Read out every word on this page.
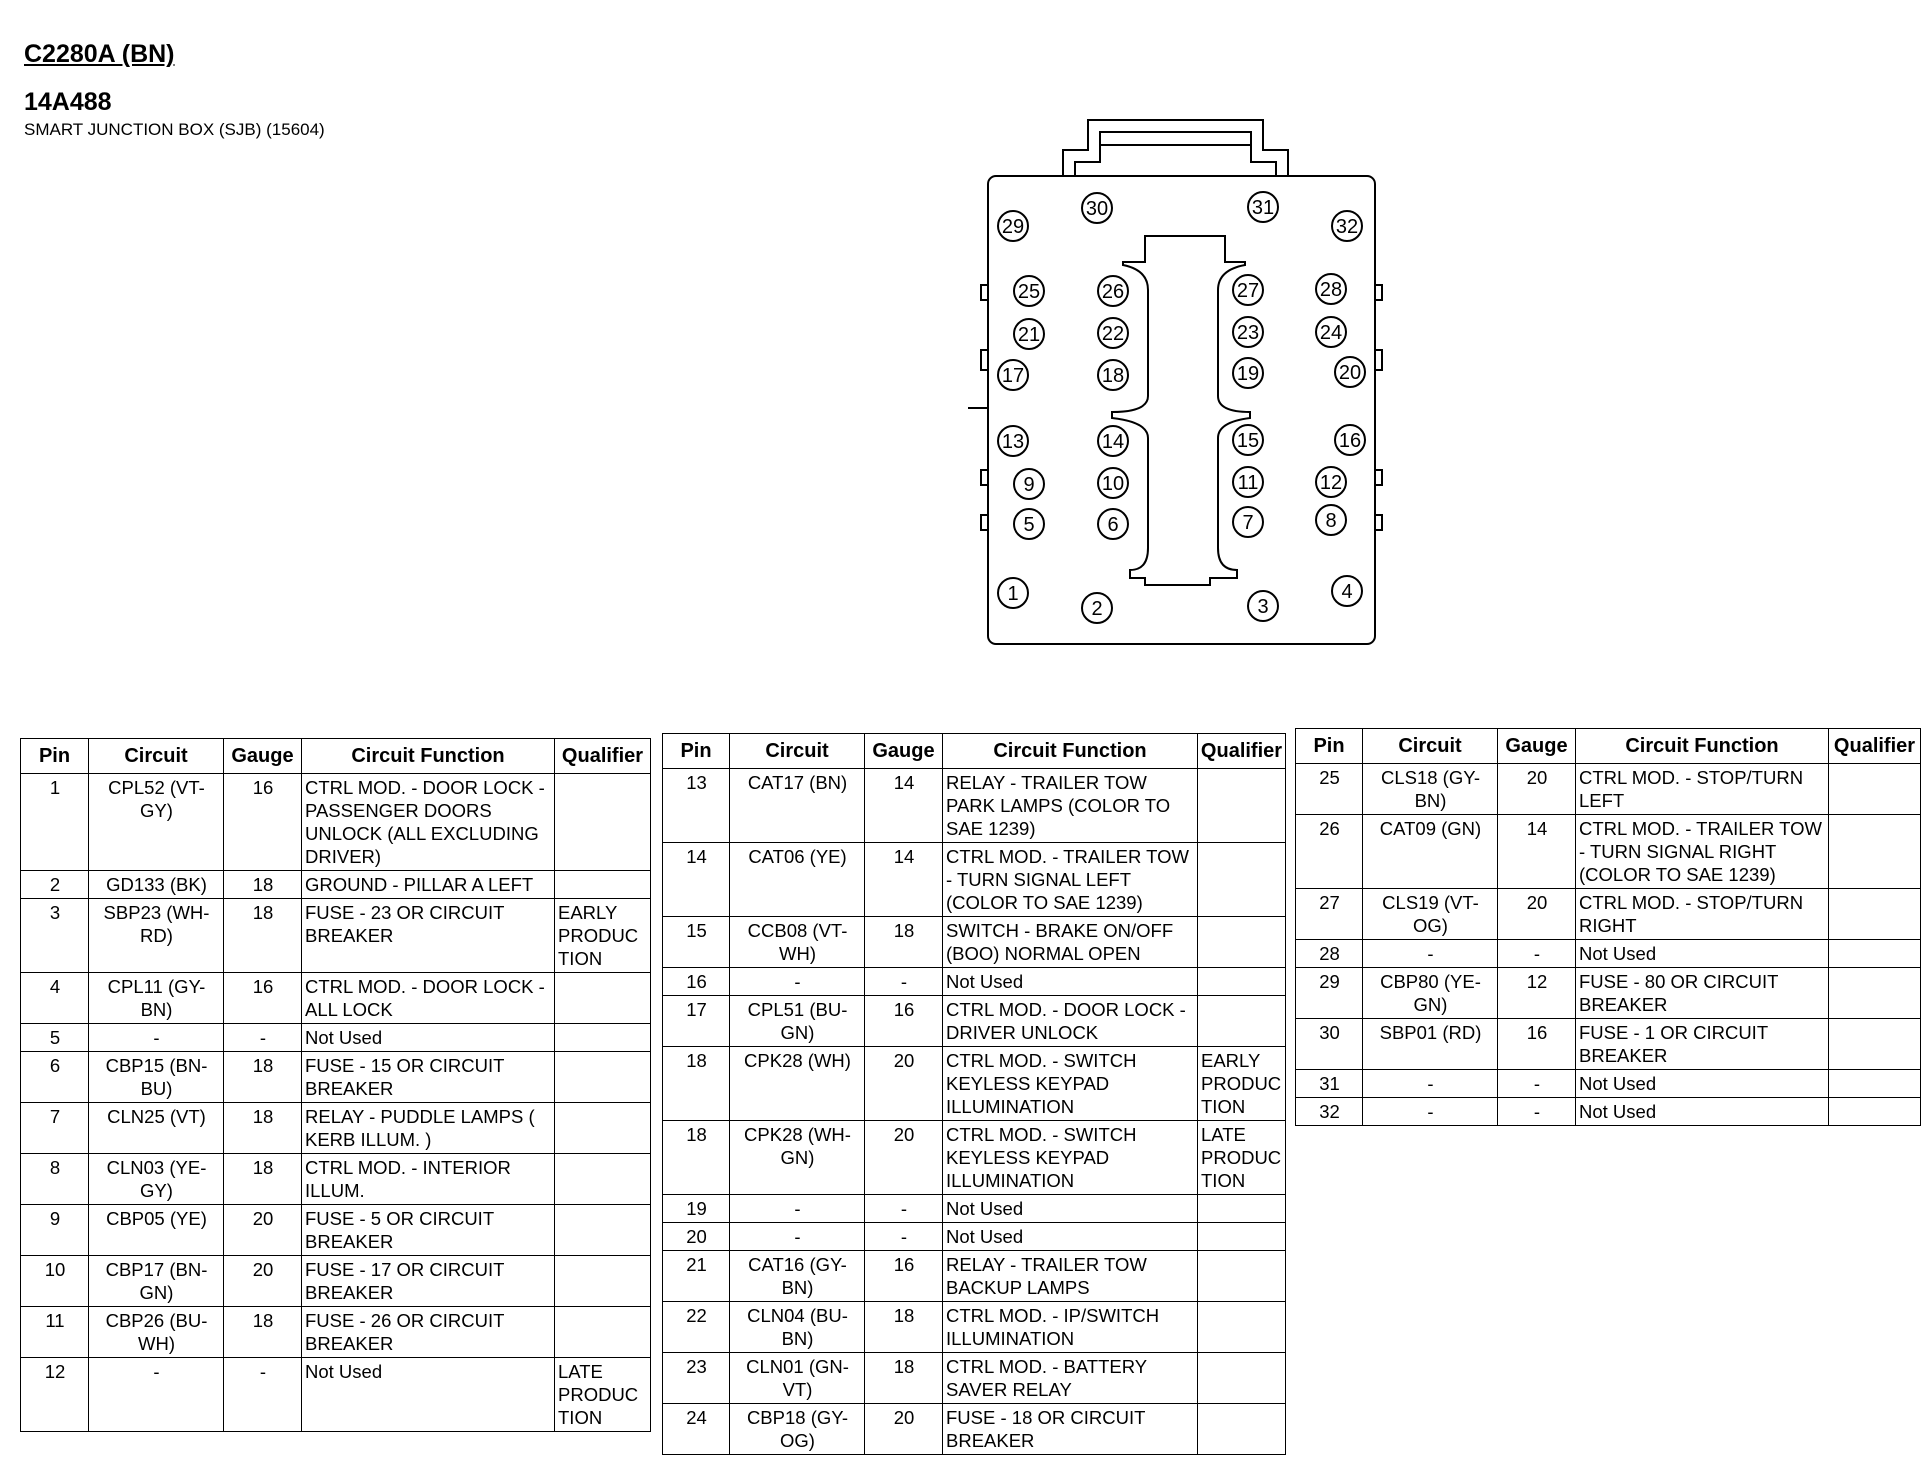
C2280A (BN)
14A488
SMART JUNCTION BOX (SJB) (15604)
1
2	3
4
5	6	7	8
9	10	11	12
13	14	15	16
17	18	19	20
21	22	23	24
25	26	27	28
29
30	31
32
Pin	Circuit	Gauge	Circuit Function	Qualifier
1	CPL52 (VT-GY)	16	CTRL MOD. - DOOR LOCK - PASSENGER DOORS UNLOCK (ALL EXCLUDING DRIVER)	
2	GD133 (BK)	18	GROUND - PILLAR A LEFT	
3	SBP23 (WH-RD)	18	FUSE - 23 OR CIRCUIT BREAKER	EARLY PRODUC TION
4	CPL11 (GY-BN)	16	CTRL MOD. - DOOR LOCK - ALL LOCK	
5	-	-	Not Used	
6	CBP15 (BN-BU)	18	FUSE - 15 OR CIRCUIT BREAKER	
7	CLN25 (VT)	18	RELAY - PUDDLE LAMPS ( KERB ILLUM. )	
8	CLN03 (YE-GY)	18	CTRL MOD. - INTERIOR ILLUM.	
9	CBP05 (YE)	20	FUSE - 5 OR CIRCUIT BREAKER	
10	CBP17 (BN-GN)	20	FUSE - 17 OR CIRCUIT BREAKER	
11	CBP26 (BU-WH)	18	FUSE - 26 OR CIRCUIT BREAKER	
12	-	-	Not Used	LATE PRODUC TION
Pin	Circuit	Gauge	Circuit Function	Qualifier
13	CAT17 (BN)	14	RELAY - TRAILER TOW PARK LAMPS (COLOR TO SAE 1239)	
14	CAT06 (YE)	14	CTRL MOD. - TRAILER TOW - TURN SIGNAL LEFT (COLOR TO SAE 1239)	
15	CCB08 (VT-WH)	18	SWITCH - BRAKE ON/OFF (BOO) NORMAL OPEN	
16	-	-	Not Used	
17	CPL51 (BU-GN)	16	CTRL MOD. - DOOR LOCK - DRIVER UNLOCK	
18	CPK28 (WH)	20	CTRL MOD. - SWITCH KEYLESS KEYPAD ILLUMINATION	EARLY PRODUC TION
18	CPK28 (WH-GN)	20	CTRL MOD. - SWITCH KEYLESS KEYPAD ILLUMINATION	LATE PRODUC TION
19	-	-	Not Used	
20	-	-	Not Used	
21	CAT16 (GY-BN)	16	RELAY - TRAILER TOW BACKUP LAMPS	
22	CLN04 (BU-BN)	18	CTRL MOD. - IP/SWITCH ILLUMINATION	
23	CLN01 (GN-VT)	18	CTRL MOD. - BATTERY SAVER RELAY	
24	CBP18 (GY-OG)	20	FUSE - 18 OR CIRCUIT BREAKER	
Pin	Circuit	Gauge	Circuit Function	Qualifier
25	CLS18 (GY-BN)	20	CTRL MOD. - STOP/TURN LEFT	
26	CAT09 (GN)	14	CTRL MOD. - TRAILER TOW - TURN SIGNAL RIGHT (COLOR TO SAE 1239)	
27	CLS19 (VT-OG)	20	CTRL MOD. - STOP/TURN RIGHT	
28	-	-	Not Used	
29	CBP80 (YE-GN)	12	FUSE - 80 OR CIRCUIT BREAKER	
30	SBP01 (RD)	16	FUSE - 1 OR CIRCUIT BREAKER	
31	-	-	Not Used	
32	-	-	Not Used	
